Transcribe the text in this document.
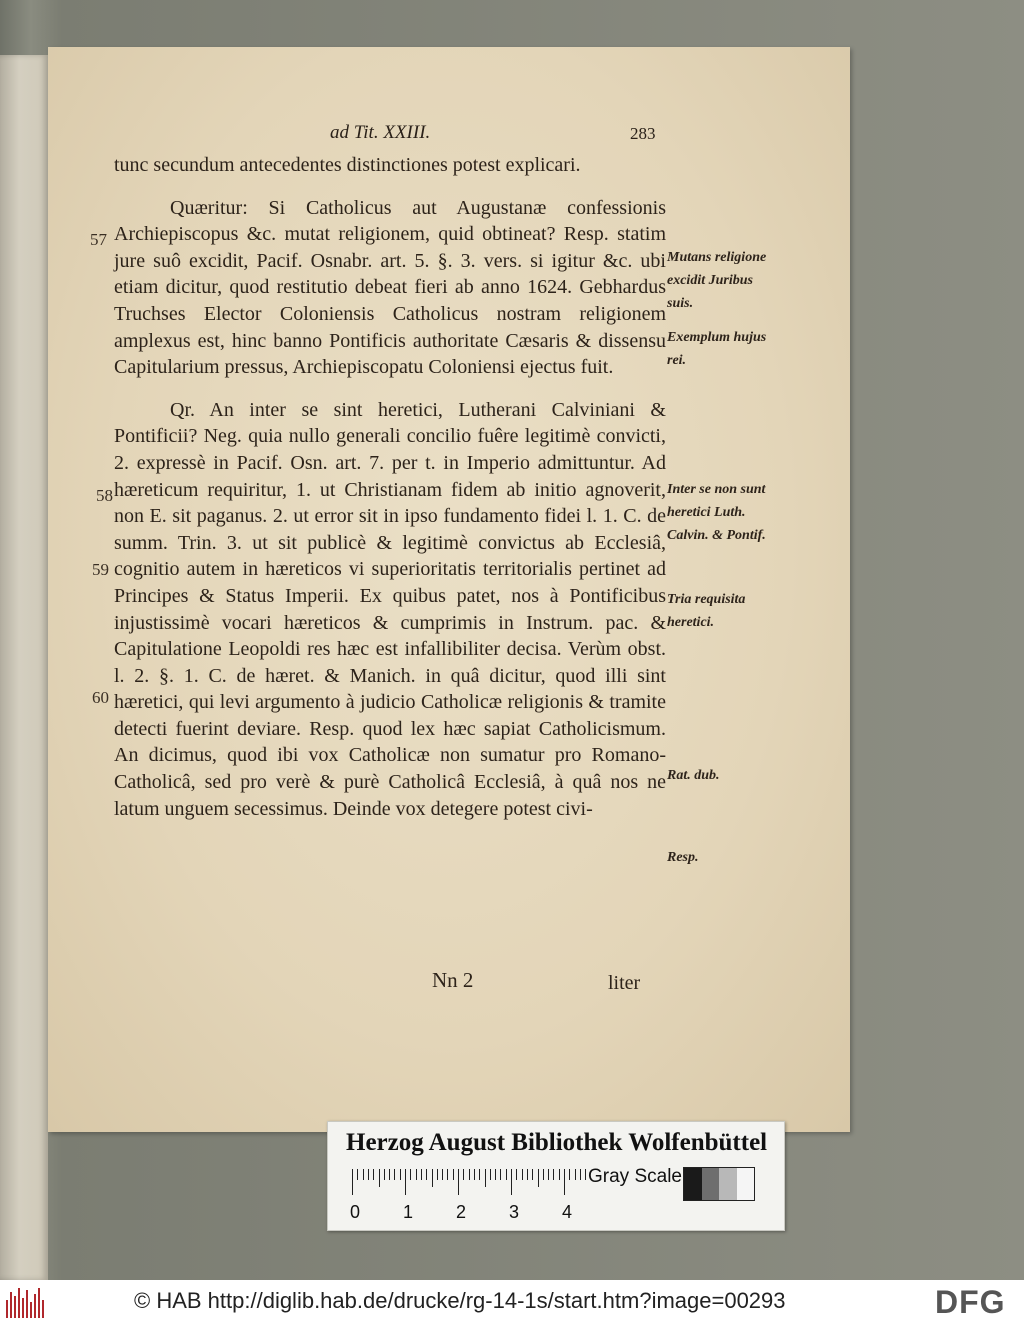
ad Tit. XXIII.	283

tunc secundum antecedentes distinctiones potest explicari.

Quæritur: Si Catholicus aut Augustanæ confessionis Archiepiscopus &c. mutat religionem, quid obtineat? Resp. statim jure suô excidit, Pacif. Osnabr. art. 5. §. 3. vers. si igitur &c. ubi etiam dicitur, quod restitutio debeat fieri ab anno 1624. Gebhardus Truchses Elector Coloniensis Catholicus nostram religionem amplexus est, hinc banno Pontificis authoritate Cæsaris & dissensu Capitularium pressus, Archiepiscopatu Coloniensi ejectus fuit.

Qr. An inter se sint heretici, Lutherani Calviniani & Pontificii? Neg. quia nullo generali concilio fuêre legitimè convicti, 2. expressè in Pacif. Osn. art. 7. per t. in Imperio admittuntur. Ad hæreticum requiritur, 1. ut Christianam fidem ab initio agnoverit, non E. sit paganus. 2. ut error sit in ipso fundamento fidei l. 1. C. de summ. Trin. 3. ut sit publicè & legitimè convictus ab Ecclesiâ, cognitio autem in hæreticos vi superioritatis territorialis pertinet ad Principes & Status Imperii. Ex quibus patet, nos à Pontificibus injustissimè vocari hæreticos & cumprimis in Instrum. pac. & Capitulatione Leopoldi res hæc est infallibiliter decisa. Verùm obst. l. 2. §. 1. C. de hæret. & Manich. in quâ dicitur, quod illi sint hæretici, qui levi argumento à judicio Catholicæ religionis & tramite detecti fuerint deviare. Resp. quod lex hæc sapiat Catholicismum. An dicimus, quod ibi vox Catholicæ non sumatur pro Romano-Catholicâ, sed pro verè & purè Catholicâ Ecclesiâ, à quâ nos ne latum unguem secessimus. Deinde vox detegere potest civi-

57
58
59
60
Mutans religione excidit Juribus suis.
Exemplum hujus rei.
Inter se non sunt heretici Luth. Calvin. & Pontif.
Tria requisita heretici.
Rat. dub.
Resp.
Nn 2	liter
Herzog August Bibliothek Wolfenbüttel
0 1 2 3 4
Gray Scale
© HAB http://diglib.hab.de/drucke/rg-14-1s/start.htm?image=00293	DFG
